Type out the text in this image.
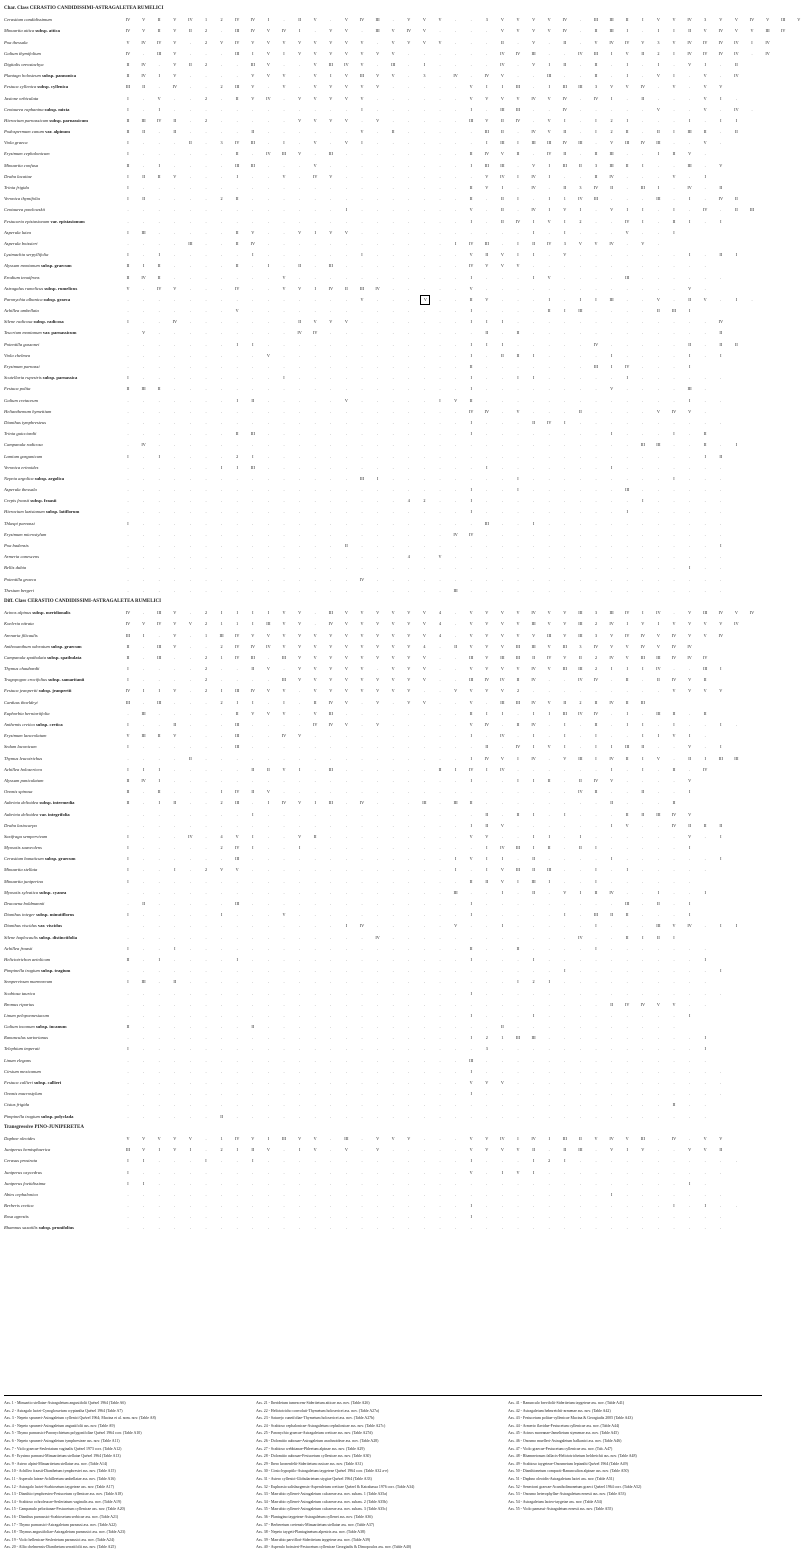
Char. Class CERASTIO CANDIDISSIMI-ASTRAGALETEA RUMELICI
Cerastium candidissimum	IV	V	II	V	IV	1	2	IV	IV	I	.	II	V	.	V	IV	III	.	V	V	V	.	.	3	V	V	V	V	IV	.	III	III	II	I	V	V	IV	3	V	V	IV	V	III	V
Minuartia attica subsp. attica	IV	V	II	V	II	2	.	III	IV	V	IV	I	.	V	V	.	III	V	IV	V	.	.	.	.	V	V	V	V	IV	.	II	III	I	.	I	I	II	V	IV	V	V	III	IV
Poa thessala	V	IV	IV	V	.	2	V	IV	V	V	V	V	V	V	V	V	.	V	V	V	V	.	.	.	II	.	V	.	II	.	V	IV	IV	V	3	V	IV	IV	IV	IV	I	IV
Galium thymifolium	IV	.	III	V	.	.	.	III	I	V	I	V	V	V	V	V	V	V	.	.	.	.	.	.	IV	IV	III	.	.	IV	III	I	V	II	2	I	IV	IV	IV	IV	.	IV
Digitalis oreostachya	II	IV	.	V	II	2	.	.	III	V	.	.	V	III	IV	V	.	III	.	I	.	.	.	.	IV	.	V	I	II	.	II	.	I	.	I	.	V	I	.	II
Plantago holosteum subsp. pannonica	II	IV	I	V	.	.	.	.	V	V	V	.	V	I	V	III	V	V	.	3	.	IV	.	IV	V	.	.	III	.	.	II	.	I	.	V	I	.	V	.	IV
Festuca cyllenica subsp. cyllenica	III	II	.	IV	.	.	2	III	V	.	V	.	V	V	V	V	V	.	.	.	.	.	V	I	I	III	.	I	III	III	3	V	V	IV	.	V	.	V	V
Jasione orbiculata	I	.	V	.	.	2	.	II	V	IV	.	V	V	V	V	V	.	.	.	.	.	.	V	V	V	V	IV	V	IV	.	IV	I	.	II	.	.	.	V	I	.
Centaurea raphanina subsp. mixta	I	.	I	.	.	.	.	.	.	.	.	.	.	.	.	I	.	.	.	.	.	.	I	.	III	III	.	.	IV	.	.	.	.	.	V	.	.	V	.	IV	.
Hieracium parnassicum subsp. parnassicum	II	III	IV	II	.	2	.	.	.	.	.	V	V	V	V	.	V	.	.	.	.	.	III	V	II	IV	.	V	I	.	I	2	I	.	.	.	I	.	I	I
Podospermum canum var. alpinum	II	II	.	II	.	.	.	.	II	.	.	.	.	.	.	V	.	II	.	.	.	.	.	III	II	.	IV	V	II	.	I	2	II	.	II	I	III	II	.	II
Viola graeca	I	.	.	.	II	.	3	IV	III	.	I	.	V	.	V	I	.	.	.	.	.	.	.	I	III	I	III	III	IV	III	.	V	III	IV	III	.	.	V	.
Erysimum cephalonicum	I	.	.	.	.	.	.	II	.	IV	III	V	.	III	.	.	.	.	.	.	.	.	II	IV	V	II	.	IV	II	.	II	III	.	.	I	II	V	.
Minuartia confusa	II	.	I	.	.	.	.	III	III	.	.	.	V	.	.	.	.	.	.	.	.	.	I	III	III	.	V	I	III	II	3	III	II	I	.	.	III	.	V
Draba lacaitae	I	II	II	V	.	.	.	I	.	.	V	.	IV	V	.	.	.	.	.	.	.	.	.	V	IV	I	IV	I	.	.	II	IV	.	.	.	V	.	I
Trinia frigida	I	.	.	.	.	.	.	.	.	.	.	.	.	.	.	.	.	.	.	.	.	.	II	V	I	.	IV	.	II	3	IV	II	.	III	I	.	IV	.	II
Veronica thymifolia	I	II	.	.	.	.	2	II	.	.	.	.	.	.	.	.	.	.	.	.	.	.	II	.	II	I	.	I	1	IV	III	.	.	.	III	.	I	.	IV	II
Centaurea pawlowskii	.	.	.	.	.	.	.	.	.	.	.	.	.	.	I	.	.	.	.	.	.	.	V	.	II	.	IV	I	V	I	.	V	I	I	.	I	.	IV	.	II	III
Festucaria epistasionum var. epistasionum	.	.	.	.	.	.	.	.	.	.	.	.	.	.	.	.	.	.	.	.	.	.	I	.	II	IV	I	V	I	2	.	.	IV	I	.	II	I	.	I
Asperula lutea	I	III	.	.	.	.	.	II	V	.	.	V	I	V	V	.	.	.	.	.	.	.	.	.	.	.	I	.	I	.	.	.	V	.	.	I
Asperula boissieri	.	.	.	.	III	.	.	II	IV	.	.	.	.	.	.	.	.	.	.	.	.	I	IV	III	.	I	II	IV	3	V	V	IV	.	V	.
Lysimachia serpyllifolia	I	.	I	.	.	.	.	.	I	.	.	.	.	.	.	I	.	.	.	.	.	.	V	II	V	I	I	.	V	.	.	.	.	.	.	.	I	.	II	I
Alyssum montanum subsp. graecum	II	I	II	.	.	.	.	II	.	I	.	II	.	III	.	.	.	.	.	.	.	.	IV	V	V	V	.	.	.	.	.	.	.	.	.	.	.	.
Erodium tenuifrons	II	IV	II	.	.	.	.	.	.	.	V	.	.	.	.	.	.	.	.	.	.	.	I	.	.	.	I	V	.	.	.	.	III	.	.	.	.	.	.
Astragalus rumelicus subsp. rumelicus	V	.	IV	V	.	.	.	IV	.	.	V	V	I	IV	II	III	IV	.	.	.	.	.	V	.	.	.	.	.	.	.	.	.	.	.	.	.	V	.
Paronychia albanica subsp. graeca	.	.	.	.	.	.	.	.	.	.	.	.	.	.	.	V	.	.	.	V	.	.	II	V	.	.	.	I	.	I	I	III	.	.	V	.	II	V	.	I	.
Achillea umbellata	.	.	.	.	.	.	.	V	.	.	.	.	.	.	.	.	.	.	.	.	.	.	I	.	.	.	.	II	I	III	.	.	.	.	II	III	I
Silene radicosa subsp. radicosa	I	.	.	IV	.	.	.	.	.	.	.	II	V	V	V	.	.	.	.	.	.	.	I	I	I	.	.	.	.	.	.	.	.	.	.	.	.	.	IV
Teucrium montanum var. parnassicum	.	V	.	.	.	.	.	.	.	.	.	IV	IV	.	.	.	.	.	.	.	.	.	.	II	.	II	.	.	.	.	.	.	.	.	.	.	.	.	II
Potentilla gussonei	.	.	.	.	.	.	.	I	I	.	.	.	.	.	.	.	.	.	.	.	.	.	I	I	I	.	.	.	.	.	IV	.	.	.	.	.	II	.	II	II
Viola chelmea	.	.	.	.	.	.	.	.	.	V	.	.	.	.	.	.	.	.	.	.	.	.	I	.	II	II	I	.	.	.	.	I	.	.	.	.	I	.	I
Erysimum parnassi	.	.	.	.	.	.	.	.	.	.	.	.	.	.	.	.	.	.	.	.	.	.	II	.	.	.	.	.	.	.	III	I	IV	.	.	.	I
Scutellaria rupestris subsp. parnassica	I	.	.	.	.	.	.	.	.	.	I	.	.	.	.	.	.	.	.	.	.	.	I	.	.	I	I	.	.	.	.	.	I	.	.	.	.	.	.
Festuca polita	II	III	II	.	.	.	.	.	.	.	.	.	.	.	.	.	.	.	.	.	.	.	I	.	.	.	.	.	.	.	.	V	.	.	.	.	III	.
Galium cretaceum	.	.	.	.	.	.	.	I	II	.	.	.	.	.	V	.	.	.	.	.	I	V	II	.	.	.	.	.	.	.	.	.	.	.	.	.	I	.	.
Helianthemum hymettium	.	.	.	.	.	.	.	.	.	.	.	.	.	.	.	.	.	.	.	.	.	.	IV	IV	.	V	.	.	.	II	.	.	.	.	V	IV	V	.
Dianthus tymphresteus	.	.	.	.	.	.	.	.	.	.	.	.	.	.	.	.	.	.	.	.	.	.	I	.	.	.	II	IV	I	.	.	.	.	.	.	.	.	.	.
Trinia guicciardii	.	.	.	.	.	.	.	II	III	.	.	.	.	.	.	.	.	.	.	.	.	.	I	.	.	.	.	.	.	.	.	I	.	.	.	I	.	II
Campanula radicosa	.	IV	.	.	.	.	.	.	.	.	.	.	.	.	.	.	.	.	.	.	.	.	.	.	.	.	.	.	.	.	.	.	.	III	III	.	.	II	.	I
Lamium garganicum	I	.	I	.	.	.	.	2	I	.	.	.	.	.	.	.	.	.	.	.	.	.	.	.	.	.	.	.	.	.	.	.	.	.	.	.	.	I	II
Veronica erinoides	.	.	.	.	.	.	I	I	III	.	.	.	.	.	.	.	.	.	.	.	.	.	.	I	.	.	.	.	.	.	.	I	.	.	.	.	.	.	.
Nepeta argolica subsp. argolica	.	.	.	.	.	.	.	.	.	.	.	.	.	.	.	III	I	.	.	.	.	.	.	.	.	I	.	.	.	.	.	.	.	.	.	I	.	.	.
Asperula thessala	.	.	.	.	.	.	.	.	.	.	.	.	.	.	.	.	.	.	.	.	.	.	I	.	.	I	.	.	.	.	.	.	III	.	.	.	.	.	.
Crepis fraasii subsp. fraasii	.	.	.	.	.	.	.	.	.	.	.	.	.	.	.	.	.	.	4	2	.	.	I	.	.	.	.	.	.	.	.	.	.	I	.	.	.	.	.
Hieracium lazistanum subsp. latiflorum	.	.	.	.	.	.	.	.	.	.	.	.	.	.	.	.	.	.	.	.	.	.	I	.	.	.	.	.	.	.	.	.	I	.	.	.	.	.	.
Thlaspi parnassi	I	.	.	.	.	.	.	.	.	.	.	.	.	.	.	.	.	.	.	.	.	.	.	III	.	.	I	.	.	.	.	.	.	.	.	.	.	.	.
Erysimum microstylum	.	.	.	.	.	.	.	.	.	.	.	.	.	.	.	.	.	.	.	.	.	IV	IV	.	.	.	.	.	.	.	.	.	.	.	.	.	.	.	.
Poa badensis	.	.	.	.	.	.	.	.	.	.	.	.	.	.	II	.	.	.	.	.	.	.	.	.	.	.	.	.	.	.	.	.	.	.	.	.	.	.	I
Armeria canescens	.	.	.	.	.	.	.	.	.	.	.	.	.	.	.	.	.	.	4	.	V	.	.	.	.	.	.	.	.	.	.	.	.	.	.	.	.	.	.
Bellis dubia	.	.	.	.	.	.	.	.	.	.	.	.	.	.	.	.	.	.	.	.	.	.	.	.	.	.	.	.	.	.	.	.	.	.	.	.	I	.	.
Potentilla graeca	.	.	.	.	.	.	.	.	.	.	.	.	.	.	.	IV	.	.	.	.	.	.	.	.	.	.	.	.	.	.	.	.	.	.	.	.	.	.	.
Thesium bergeri	.	.	.	.	.	.	.	.	.	.	.	.	.	.	.	.	.	.	.	.	.	III	.	.	.	.	.	.	.	.	.	.	.	.	.	.	.	.	.
Diff. Class CERASTIO CANDIDISSIMI-ASTRAGALETEA RUMELICI
Acinos alpinus subsp. meridionalis	IV	.	III	V	.	2	I	I	I	I	V	V	.	III	V	V	V	V	V	V	4	.	V	V	V	V	IV	V	V	III	3	III	IV	I	IV	.	V	III	IV	V	IV
Koeleria nitrata	IV	V	IV	V	V	2	1	1	I	III	V	V	.	IV	V	V	V	V	V	V	4	.	V	V	V	V	III	V	V	III	2	IV	I	V	I	V	V	V	V	IV
Arenaria filicaulis	III	I	.	V	.	1	III	IV	V	V	V	V	V	V	V	V	V	V	V	V	4	.	V	V	V	V	V	III	V	III	3	V	IV	IV	V	IV	V	V	IV
Anthoxanthum odoratum subsp. graecum	II	.	III	V	.	.	2	IV	IV	IV	V	V	V	V	V	V	V	V	V	4	.	II	V	V	V	III	III	V	III	3	IV	V	V	IV	V	IV	IV
Campanula spathulata subsp. spathulata	II	.	III	.	.	2	1	IV	III	.	III	V	V	V	V	V	V	V	V	V	.	.	III	V	III	III	II	IV	V	II	2	IV	V	III	III	IV	IV	IV
Thymus chaubardii	I	.	.	.	.	2	.	.	II	V	.	V	V	V	V	V	.	V	V	V	.	.	V	V	V	V	IV	V	III	III	2	I	I	I	IV	.	.	III	I
Tragopogon crocifolius subsp. samaritanii	I	.	.	.	.	2	.	.	.	.	III	V	V	V	V	V	V	V	V	V	.	.	III	IV	IV	II	IV	.	.	IV	IV	.	II	.	II	IV	V	II
Festuca jeanpertii subsp. jeanpertii	IV	I	I	V	.	2	I	III	IV	V	V	.	V	V	V	V	V	V	V	.	.	V	V	V	V	2	.	.	.	.	.	.	.	.	.	V	V	V	V
Carduus thoeldeyi	III	.	III	.	.	.	2	I	I	.	I	.	II	IV	V	.	V	.	V	V	.	.	V	.	III	III	IV	V	II	2	II	IV	II	III
Euphorbia herniariifolia	.	III	.	.	.	.	.	II	V	V	V	.	V	III	.	.	.	.	.	.	.	.	II	I	I	.	I	I	III	IV	IV	.	I	.	III	II	.	II
Anthemis cretica subsp. cretica	I	.	.	II	.	.	.	III	.	.	.	.	IV	IV	V	.	V	.	.	.	.	.	V	IV	.	II	IV	.	I	.	II	.	I	I	.	I	.	.	I	.
Erysimum lanceolatum	V	III	II	V	.	.	.	III	.	.	IV	V	.	.	.	.	.	.	.	.	.	.	I	.	IV	.	I	.	I	.	I	.	.	I	I	V	I	.
Sedum laconicum	I	.	.	.	.	.	.	III	.	.	.	.	.	.	.	.	.	.	.	.	.	.	.	II	.	IV	I	V	I	.	I	I	III	II	.	.	V	.	I
Thymus leucotrichus	.	.	.	.	II	.	.	.	.	.	.	.	.	.	.	.	.	.	.	.	.	.	I	IV	V	I	IV	.	V	III	I	IV	II	I	V	.	II	I	III	III
Achillea holosericea	I	I	I	.	.	.	.	.	II	II	V	I	.	III	.	.	.	.	.	.	II	I	IV	I	IV	.	.	.	.	.	.	I	.	I	.	II	.	IV
Alyssum paniculatum	II	IV	I	.	.	.	.	.	.	.	.	.	.	.	.	.	.	.	.	.	.	.	I	.	.	I	I	II	.	II	IV	V	.	.	.	.	V
Ononis spinosa	II	.	II	.	.	.	I	IV	II	V	.	.	.	.	.	.	.	.	.	.	.	.	.	.	.	.	.	.	.	IV	II	.	.	II	.	.	I
Aubrieta deltoidea subsp. intermedia	II	.	I	II	.	.	2	III	.	I	IV	V	I	III	.	IV	.	.	.	III	.	III	II	.	.	.	.	.	.	.	.	II	.	.	.	II
Aubrieta deltoidea var. integrifolia	.	.	.	.	.	.	.	.	I	.	.	.	.	.	.	.	.	.	.	.	.	.	.	II	.	II	I	.	I	.	.	.	II	II	III	IV	V
Draba lasiocarpa	.	.	.	.	.	.	.	.	.	.	.	.	.	.	.	.	.	.	.	.	.	.	I	II	V	.	.	.	.	.	.	I	V	.	.	IV	II	II	II
Saxifraga sempervivum	I	.	.	.	IV	.	4	V	I	.	.	V	II	.	.	.	.	.	.	.	.	.	V	V	.	.	I	I	.	I	.	.	.	.	.	.	V	.	I
Myosotis suaveolens	I	.	.	.	.	.	2	IV	I	.	.	I	.	.	.	.	.	.	.	.	.	.	.	I	IV	III	I	II	.	II	I	.	.	.	.	.	I
Cerastium banaticum subsp. graecum	I	.	.	.	.	.	.	III	.	.	.	.	.	.	.	.	.	.	.	.	.	I	V	I	I	.	II	.	.	.	.	I	.	.	.	.	.	.	I
Minuartia stellata	I	.	.	I	.	2	V	V	.	.	.	.	.	.	.	.	.	.	.	.	.	I	.	I	V	III	II	III	.	.	I	.	I	.	.	.	.	.
Minuartia juniperina	I	.	.	.	.	.	.	.	.	.	.	.	.	.	.	.	.	.	.	.	.	.	II	II	V	I	III	I	.	.	I	.	.	.	.	.	.
Myosotis sylvatica subsp. cyanea	.	.	.	.	.	.	.	.	.	.	.	.	.	.	.	.	.	.	.	.	.	III	.	.	I	.	II	.	V	I	II	IV	.	.	I	.	.	I
Dracaena boldmannii	.	II	.	.	.	.	.	III	.	.	.	.	.	.	.	.	.	.	.	.	.	.	I	.	.	.	.	.	.	.	.	.	III	.	II	.	I
Dianthus integer subsp. minutiflorus	I	.	.	.	.	.	I	.	.	.	V	.	.	.	.	.	.	.	.	.	.	.	I	.	.	.	.	.	I	.	III	II	II	.	.	.	I
Dianthus viscidus var. viscidus	.	.	.	.	.	.	.	.	.	.	.	.	.	.	I	IV	.	.	.	.	.	V	.	.	I	.	.	.	.	.	I	.	.	.	III	V	IV	.	I	I
Silene haplocaulis subsp. distinctifolia	.	.	.	.	.	.	.	.	.	.	.	.	.	.	.	.	IV	.	.	.	.	.	.	.	.	.	.	.	.	IV	.	.	II	I	II	I
Achillea fraasii	I	.	.	I	.	.	.	.	.	.	.	.	.	.	.	.	.	.	.	.	.	.	II	.	.	II	.	.	.	.	I	.	.	.	.	.	.	.
Helictotrichon aetolicum	II	.	I	.	.	.	.	I	.	.	.	.	.	.	.	.	.	.	.	.	.	.	I	.	.	.	I	.	.	.	.	.	.	.	.	.	.	I
Pimpinella tragium subsp. tragium	.	.	.	.	.	.	.	.	.	.	.	.	.	.	.	.	.	.	.	.	.	.	.	.	.	.	.	.	I	.	.	.	.	.	.	.	.	.	I
Sempervivum marmoreum	I	III	.	II	.	.	.	.	.	.	.	.	.	.	.	.	.	.	.	.	.	.	.	.	.	I	2	I	.	.	.	.	.	.	.	.	.	.
Scabiosa taurica	.	.	.	.	.	.	.	.	.	.	.	.	.	.	.	.	.	.	.	.	.	.	I	.	.	.	.	.	.	.	.	.	.	.	.	.	.	.	.
Bromus riparius	.	.	.	.	.	.	.	.	.	.	.	.	.	.	.	.	.	.	.	.	.	.	.	.	.	.	.	.	.	.	.	II	IV	IV	V	V	.	.
Linum peloponnesiacum	.	.	.	.	.	.	.	.	.	.	.	.	.	.	.	.	.	.	.	.	.	.	I	.	.	.	I	.	.	.	.	.	.	.	.	.	I
Galium incanum subsp. incanum	II	.	.	.	.	.	.	.	II	.	.	.	.	.	.	.	.	.	.	.	.	.	.	.	II	.	.	.	.	.	.	.	.	.	.	.
Ranunculus sartorianus	.	.	.	.	.	.	.	.	.	.	.	.	.	.	.	.	.	.	.	.	.	.	I	2	1	III	III	.	.	.	.	.	.	.	.	.	.	I
Telephium imperati	I	.	.	.	.	.	.	.	.	.	.	.	.	.	.	.	.	.	.	.	.	.	.	3	.	.	.	.	.	.	.	.	.	.	.	.	.	I
Linum elegans	.	.	.	.	.	.	.	.	.	.	.	.	.	.	.	.	.	.	.	.	.	.	III	.	.	.	.	.	.	.	.	.	.	.	.	.	.	.
Cirsium mexicanum	.	.	.	.	.	.	.	.	.	.	.	.	.	.	.	.	.	.	.	.	.	.	I	.	.	.	.	.	.	.	.	.	.	.	.	.	.	.	.
Festuca callieri subsp. callieri	.	.	.	.	.	.	.	.	.	.	.	.	.	.	.	.	.	.	.	.	.	.	V	V	V	.	.	.	.	.	.	.	.	.	.	.	.	.	.
Ononis macrostylum	.	.	.	.	.	.	.	.	.	.	.	.	.	.	.	.	.	.	.	.	.	.	I	.	.	.	.	.	.	.	.	.	.	.	.	.	.	.	.
Cistus frigida	.	.	.	.	.	.	.	.	.	.	.	.	.	.	.	.	.	.	.	.	.	.	.	.	.	.	.	.	.	.	.	.	.	.	.	II	.	.
Pimpinella tragium subsp. polyclada	.	.	.	.	.	.	II	.	.	.	.	.	.	.	.	.	.	.	.	.	.	.	.	.	.	.	.	.	.	.	.	.	.	.	.	.	.	.
Transgressive PINO-JUNIPERETEA
Daphne oleoides	V	V	V	V	V	.	1	IV	V	I	III	V	V	.	III	.	V	V	V	.	.	.	V	V	IV	I	IV	I	III	II	V	IV	V	III	.	IV	.	V	V
Juniperus hemisphaerica	III	V	I	V	I	.	2	I	II	V	.	I	V	.	V	.	V	.	.	.	.	.	V	V	V	V	II	.	II	III	.	V	I	V	.	.	V	V	II
Cerasus prostrata	I	I	.	.	.	I	.	.	I	.	.	.	.	.	.	.	.	.	.	.	.	.	I	.	.	.	I	2	I	.	.	.	.	.	.	.	.	.	.	.
Juniperus oxycedrus	I	.	.	.	.	.	.	.	.	.	.	.	.	.	.	.	.	.	.	.	.	.	V	.	I	V	I	.	.	.	.	.	.	.	.	.	.	.	.
Juniperus foetidissima	I	I	.	.	.	.	.	.	.	.	.	.	.	.	.	.	.	.	.	.	.	.	.	.	.	.	.	.	.	.	.	.	.	.	.	.	I	.
Abies cephalonica	.	.	.	.	.	.	.	.	.	.	.	.	.	.	.	.	.	.	.	.	.	.	.	.	.	.	.	.	.	.	.	I	.	.	.	.	.	.	.
Berberis cretica	.	.	.	.	.	.	.	.	.	.	.	.	.	.	.	.	.	.	.	.	.	.	I	.	.	.	.	.	.	.	.	.	.	.	.	I	.	I	.	.
Rosa agrestis	.	.	.	.	.	.	.	.	.	.	.	.	.	.	.	.	.	.	.	.	.	.	I	.	.	.	.	.	.	.	.	.	.	.	.	.	.	.	.
Rhamnus saxatilis subsp. prunifolius	.	.	.	.	.	.	.	.	.	.	.	.	.	.	.	.	.	.	.	.	.	.	.	.	.	.	.	.	.	.	.	.	.	.	.	.	.	.	.
Ass. 1 - Minuartio stellatae-Astragaletum angustifolii Quézel 1964 (Table A6)
Ass. 2 - Astragalo lactei-Cynoglossetum cryptantha Quézel 1964 (Table A7)
Ass. 3 - Nepeto spruneri-Astragaletum cyllenici Quézel 1964; Mucina et al. nom. nov. (Table A8)
Ass. 4 - Nepeto spruneri-Astragaletum angustifolii ass. nov. (Table A9)
Ass. 5 - Thymo parnassici-Paronychietum polygonifoliae Quézel 1964 corr. (Table A10)
Ass. 6 - Nepeto spruneri-Astragaletum tymphresteae ass. nov. (Table A11)
Ass. 7 - Violo graecae-Sesleriatum vaginalis Quézel 1973 corr. (Table A12)
Ass. 8 - Erysimo parnassi-Minuartietum stellatae Quézel 1964 (Table A13)
Ass. 9 - Astero alpini-Minuartietum stellatae ass. nov. (Table A14)
Ass. 10 - Achilleo fraasii-Dianthetum tymphrestei ass. nov. (Table A15)
Ass. 11 - Asperulo luteae-Achilleetum umbellatae ass. nov. (Table A16)
Ass. 12 - Astragalo lactei-Scabiosetum taygeteae ass. nov. (Table A17)
Ass. 13 - Dianthio tymphresteo-Festucetum cyllenicae ass. nov. (Table A18)
Ass. 14 - Scabioso ochroleucae-Sesleriatum vaginalis ass. nov. (Table A19)
Ass. 15 - Campanulo peloritanae-Festucetum cyllenicae ass. nov. (Table A20)
Ass. 16 - Dianthus parnassici-Scabiosetum serbicae ass. nov. (Table A21)
Ass. 17 - Thymo parnassici-Astragaletum parnassi ass. nov. (Table A22)
Ass. 18 - Thymus angustifoliae-Astragaletum parnassici ass. nov. (Table A23)
Ass. 19 - Violo hellenicae-Seslerietum parnassici ass. nov. (Table A24)
Ass. 20 - Allio chelmensis-Dianthetum serratifolii ass. nov. (Table A25)
Ass. 21 - Iberidetum tumescens-Sideritetum atticae ass. nov. (Table A26)
Ass. 22 - Helictotricho convoluti-Thymetum holosericei ass. nov. (Table A27a)
Ass. 23 - Saturejo cuneifoliae-Thymetum holosericei ass. nov. (Table A27b)
Ass. 24 - Scabioso cephalonicae-Astragaletum cephalonicae ass. nov. (Table A27c)
Ass. 25 - Paronychio graecae-Astragaletum creticae ass. nov. (Table A27d)
Ass. 26 - Dolomitio aubouae-Astragaletum arachnoideae ass. nov. (Table A28)
Ass. 27 - Scabioso webbianae-Phleetum alpinae ass. nov. (Table A29)
Ass. 28 - Dolomitio aubouae-Festucetum cyllenicae ass. nov. (Table A30)
Ass. 29 - Ibero kronenfelii-Sideritetum ossicae ass. nov. (Table A31)
Ass. 30 - Cirsio hypoptilo-Astragaletum taygeteae Quézel 1964 corr. (Table A32 a-e)
Ass. 31 - Astero cyllenici-Globularietum stygiae Quézel 1964 (Table A33)
Ass. 32 - Euphrasio salisburgensis-Asperuletum creticae Quézel & Katrabassa 1976 corr. (Table A34)
Ass. 33 - Marrubio cyllenei-Astragaletum calcareae ass. nov. subass. 1 (Table A35a)
Ass. 34 - Marrubio cyllenei-Astragaletum calcareae ass. nov. subass. 2 (Table A35b)
Ass. 35 - Marrubio cyllenei-Astragaletum calcareae ass. nov. subass. 3 (Table A35c)
Ass. 36 - Plantagino taygeteae-Astragaletum cyllenei ass. nov. (Table A36)
Ass. 37 - Berberetum cretensis-Minuartietum stellatae ass. nov. (Table A37)
Ass. 38 - Nepeto taygeti-Plantaginetum alpestris ass. nov. (Table A38)
Ass. 39 - Marrubio parviflori-Sideritetum taygeteae ass. nov. (Table A39)
Ass. 40 - Asperulo boissieri-Festucetum cyllenicae Georgiadis & Dimopoulos ass. nov. (Table A40)
Ass. 41 - Ranunculo brevifolii-Sideritetum taygeteae ass. nov. (Table A41)
Ass. 42 - Astragaletum helmreichii-armenae ass. nov. (Table A42)
Ass. 43 - Festucetum politae-cyllenicae Mucina & Georgiadis 2005 (Table A43)
Ass. 44 - Armerio flavidae-Festucetum cyllenicae ass. nov. (Table A44)
Ass. 45 - Acinos moreanae-Jamelietum stymenae ass. nov. (Table A45)
Ass. 46 - Onosmo muelleri-Astragaletum balkanici ass. nov. (Table A46)
Ass. 47 - Violo graecae-Festucetum cyllenicae ass. nov. (Tab. A47)
Ass. 48 - Rhamnetosum fallacis-Helictotrichetum heldreichii ass. nov. (Table A48)
Ass. 49 - Scabioso taygeteae-Onosmetum leptanthi Quézel 1964 (Table A49)
Ass. 50 - Dianthionetum compacti-Ranunculion alpinae ass. nov. (Table A50)
Ass. 51 - Daphno oleoidis-Astragaletum lactei ass. nov. (Table A51)
Ass. 52 - Senecioni graecae-Acantholimonetum graeci Quézel 1964 corr. (Table A52)
Ass. 53 - Onosmo heterophyllae-Astragaletum ernesti ass. nov. (Table A53)
Ass. 54 - Astragaletum lacteo-taygetae ass. nov. (Table A54)
Ass. 55 - Violo parnassi-Astragaletum ernesti ass. nov. (Table A55)
